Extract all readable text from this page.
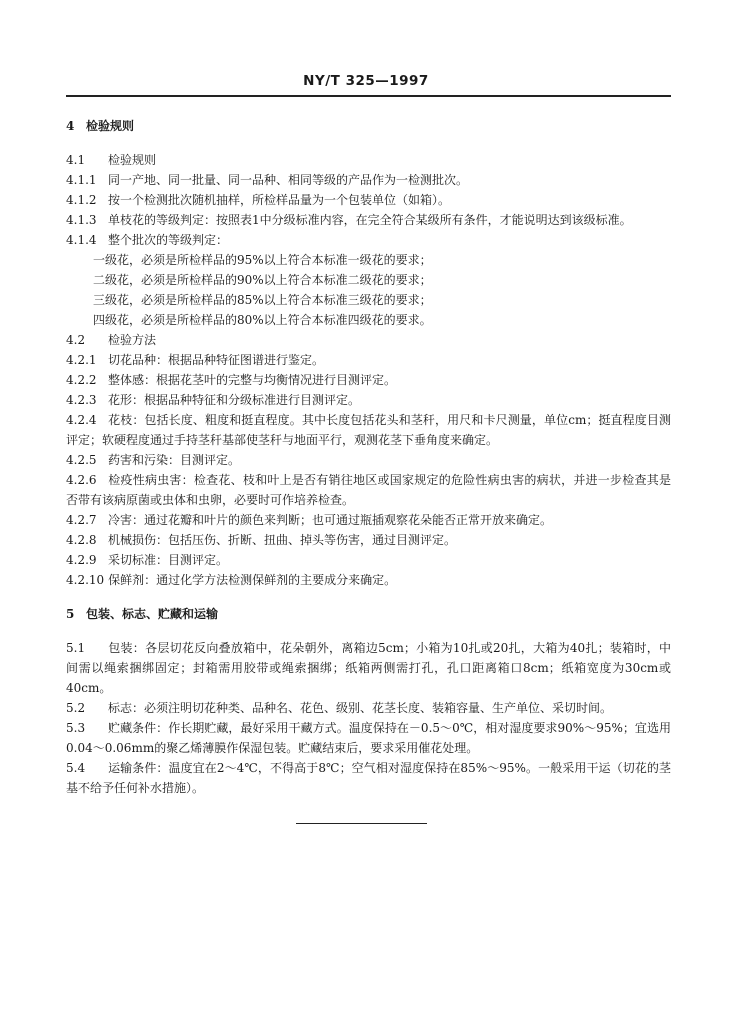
NY/T 325—1997
4 检验规则

4.1 检验规则

4.1.1 同一产地、同一批量、同一品种、相同等级的产品作为一检测批次。

4.1.2 按一个检测批次随机抽样，所检样品量为一个包装单位（如箱）。

4.1.3 单枝花的等级判定：按照表1中分级标准内容，在完全符合某级所有条件，才能说明达到该级标准。

4.1.4 整个批次的等级判定：

一级花，必须是所检样品的95%以上符合本标准一级花的要求；

二级花，必须是所检样品的90%以上符合本标准二级花的要求；

三级花，必须是所检样品的85%以上符合本标准三级花的要求；

四级花，必须是所检样品的80%以上符合本标准四级花的要求。

4.2 检验方法

4.2.1 切花品种：根据品种特征图谱进行鉴定。

4.2.2 整体感：根据花茎叶的完整与均衡情况进行目测评定。

4.2.3 花形：根据品种特征和分级标准进行目测评定。

4.2.4 花枝：包括长度、粗度和挺直程度。其中长度包括花头和茎秆，用尺和卡尺测量，单位cm；挺直程度目测评定；软硬程度通过手持茎秆基部使茎秆与地面平行，观测花茎下垂角度来确定。

4.2.5 药害和污染：目测评定。

4.2.6 检疫性病虫害：检查花、枝和叶上是否有销往地区或国家规定的危险性病虫害的病状，并进一步检查其是否带有该病原菌或虫体和虫卵，必要时可作培养检查。

4.2.7 冷害：通过花瓣和叶片的颜色来判断；也可通过瓶插观察花朵能否正常开放来确定。

4.2.8 机械损伤：包括压伤、折断、扭曲、掉头等伤害，通过目测评定。

4.2.9 采切标准：目测评定。

4.2.10 保鲜剂：通过化学方法检测保鲜剂的主要成分来确定。

5 包装、标志、贮藏和运输

5.1 包装：各层切花反向叠放箱中，花朵朝外，离箱边5cm；小箱为10扎或20扎，大箱为40扎；装箱时，中间需以绳索捆绑固定；封箱需用胶带或绳索捆绑；纸箱两侧需打孔，孔口距离箱口8cm；纸箱宽度为30cm或40cm。

5.2 标志：必须注明切花种类、品种名、花色、级别、花茎长度、装箱容量、生产单位、采切时间。

5.3 贮藏条件：作长期贮藏，最好采用干藏方式。温度保持在－0.5～0℃，相对湿度要求90%～95%；宜选用0.04～0.06mm的聚乙烯薄膜作保湿包装。贮藏结束后，要求采用催花处理。

5.4 运输条件：温度宜在2～4℃，不得高于8℃；空气相对湿度保持在85%～95%。一般采用干运（切花的茎基不给予任何补水措施）。
